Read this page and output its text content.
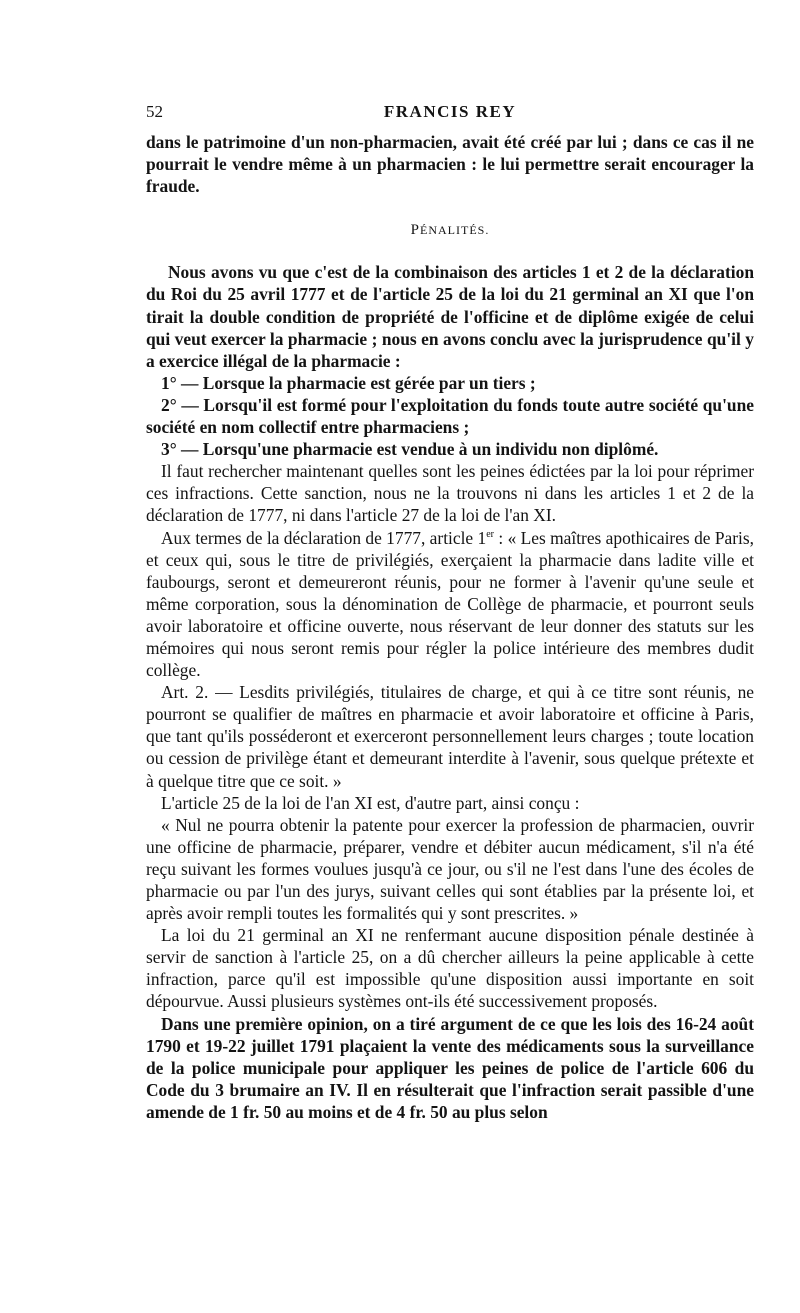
52	FRANCIS REY

dans le patrimoine d'un non-pharmacien, avait été créé par lui ; dans ce cas il ne pourrait le vendre même à un pharmacien : le lui permettre serait encourager la fraude.

PÉNALITÉS.

Nous avons vu que c'est de la combinaison des articles 1 et 2 de la déclaration du Roi du 25 avril 1777 et de l'article 25 de la loi du 21 germinal an XI que l'on tirait la double condition de propriété de l'officine et de diplôme exigée de celui qui veut exercer la pharmacie ; nous en avons conclu avec la jurisprudence qu'il y a exercice illégal de la pharmacie :

1° — Lorsque la pharmacie est gérée par un tiers ;

2° — Lorsqu'il est formé pour l'exploitation du fonds toute autre société qu'une société en nom collectif entre pharmaciens ;

3° — Lorsqu'une pharmacie est vendue à un individu non diplômé.

Il faut rechercher maintenant quelles sont les peines édictées par la loi pour réprimer ces infractions. Cette sanction, nous ne la trouvons ni dans les articles 1 et 2 de la déclaration de 1777, ni dans l'article 27 de la loi de l'an XI.

Aux termes de la déclaration de 1777, article 1er : « Les maîtres apothicaires de Paris, et ceux qui, sous le titre de privilégiés, exerçaient la pharmacie dans ladite ville et faubourgs, seront et demeureront réunis, pour ne former à l'avenir qu'une seule et même corporation, sous la dénomination de Collège de pharmacie, et pourront seuls avoir laboratoire et officine ouverte, nous réservant de leur donner des statuts sur les mémoires qui nous seront remis pour régler la police intérieure des membres dudit collège.

Art. 2. — Lesdits privilégiés, titulaires de charge, et qui à ce titre sont réunis, ne pourront se qualifier de maîtres en pharmacie et avoir laboratoire et officine à Paris, que tant qu'ils posséderont et exerceront personnellement leurs charges ; toute location ou cession de privilège étant et demeurant interdite à l'avenir, sous quelque prétexte et à quelque titre que ce soit. »

L'article 25 de la loi de l'an XI est, d'autre part, ainsi conçu :

« Nul ne pourra obtenir la patente pour exercer la profession de pharmacien, ouvrir une officine de pharmacie, préparer, vendre et débiter aucun médicament, s'il n'a été reçu suivant les formes voulues jusqu'à ce jour, ou s'il ne l'est dans l'une des écoles de pharmacie ou par l'un des jurys, suivant celles qui sont établies par la présente loi, et après avoir rempli toutes les formalités qui y sont prescrites. »

La loi du 21 germinal an XI ne renfermant aucune disposition pénale destinée à servir de sanction à l'article 25, on a dû chercher ailleurs la peine applicable à cette infraction, parce qu'il est impossible qu'une disposition aussi importante en soit dépourvue. Aussi plusieurs systèmes ont-ils été successivement proposés.

Dans une première opinion, on a tiré argument de ce que les lois des 16-24 août 1790 et 19-22 juillet 1791 plaçaient la vente des médicaments sous la surveillance de la police municipale pour appliquer les peines de police de l'article 606 du Code du 3 brumaire an IV. Il en résulterait que l'infraction serait passible d'une amende de 1 fr. 50 au moins et de 4 fr. 50 au plus selon
